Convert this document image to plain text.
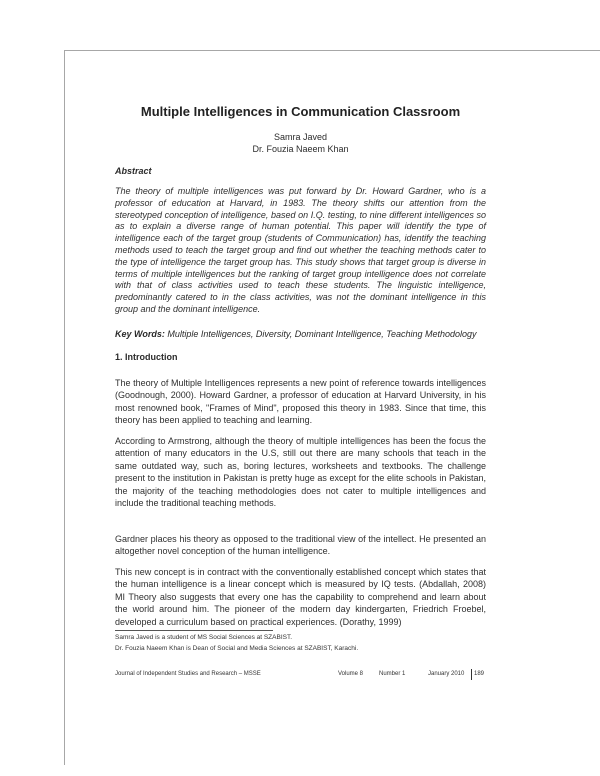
Multiple Intelligences in Communication Classroom
Samra Javed
Dr. Fouzia Naeem Khan
Abstract
The theory of multiple intelligences was put forward by Dr. Howard Gardner, who is a professor of education at Harvard, in 1983. The theory shifts our attention from the stereotyped conception of intelligence, based on I.Q. testing, to nine different intelligences so as to explain a diverse range of human potential. This paper will identify the type of intelligence each of the target group (students of Communication) has, identify the teaching methods used to teach the target group and find out whether the teaching methods cater to the type of intelligence the target group has. This study shows that target group is diverse in terms of multiple intelligences but the ranking of target group intelligence does not correlate with that of class activities used to teach these students. The linguistic intelligence, predominantly catered to in the class activities, was not the dominant intelligence in this group and the dominant intelligence.
Key Words: Multiple Intelligences, Diversity, Dominant Intelligence, Teaching Methodology
1. Introduction
The theory of Multiple Intelligences represents a new point of reference towards intelligences (Goodnough, 2000). Howard Gardner, a professor of education at Harvard University, in his most renowned book, "Frames of Mind", proposed this theory in 1983. Since that time, this theory has been applied to teaching and learning.
According to Armstrong, although the theory of multiple intelligences has been the focus the attention of many educators in the U.S, still out there are many schools that teach in the same outdated way, such as, boring lectures, worksheets and textbooks. The challenge present to the institution in Pakistan is pretty huge as except for the elite schools in Pakistan, the majority of the teaching methodologies does not cater to multiple intelligences and include the traditional teaching methods.
Gardner places his theory as opposed to the traditional view of the intellect. He presented an altogether novel conception of the human intelligence.
This new concept is in contract with the conventionally established concept which states that the human intelligence is a linear concept which is measured by IQ tests. (Abdallah, 2008) MI Theory also suggests that every one has the capability to comprehend and learn about the world around him. The pioneer of the modern day kindergarten, Friedrich Froebel, developed a curriculum based on practical experiences. (Dorathy, 1999)
Samra Javed is a student of MS Social Sciences at SZABIST.
Dr. Fouzia Naeem Khan is Dean of Social and Media Sciences at SZABIST, Karachi.
Journal of Independent Studies and Research – MSSE	Volume 8	Number 1	January 2010 189
